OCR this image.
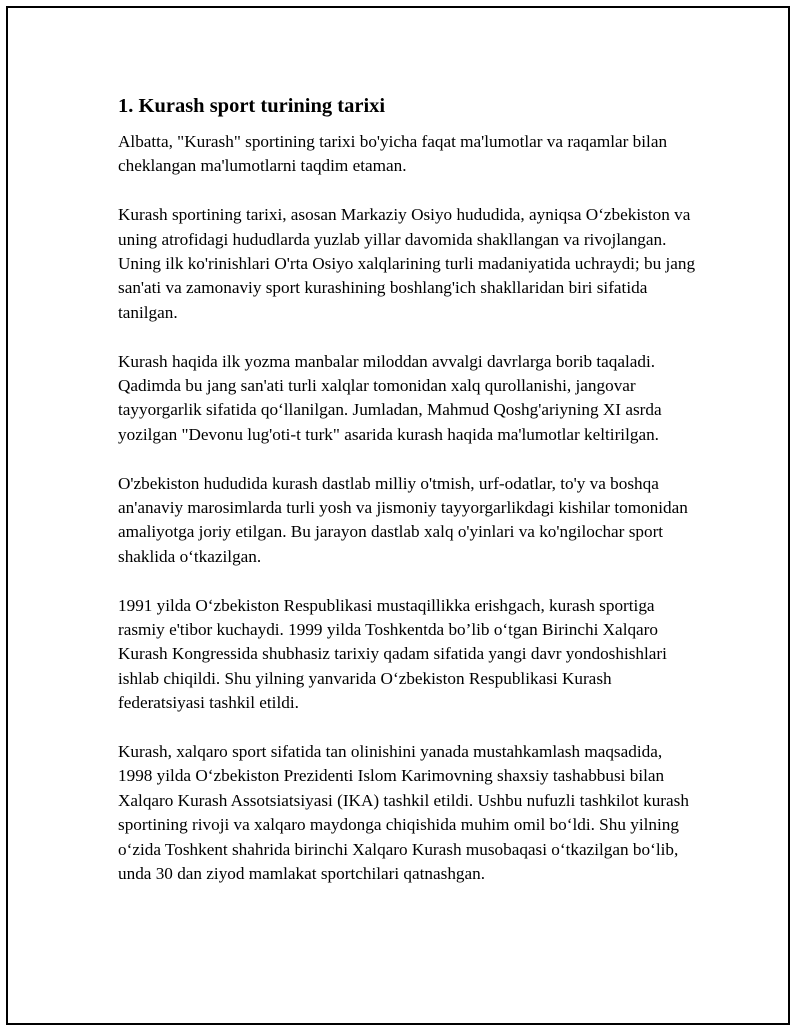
1. Kurash sport turining tarixi

Albatta, "Kurash" sportining tarixi bo'yicha faqat ma'lumotlar va raqamlar bilan cheklangan ma'lumotlarni taqdim etaman.

Kurash sportining tarixi, asosan Markaziy Osiyo hududida, ayniqsa O‘zbekiston va uning atrofidagi hududlarda yuzlab yillar davomida shakllangan va rivojlangan. Uning ilk ko'rinishlari O'rta Osiyo xalqlarining turli madaniyatida uchraydi; bu jang san'ati va zamonaviy sport kurashining boshlang'ich shakllaridan biri sifatida tanilgan.

Kurash haqida ilk yozma manbalar miloddan avvalgi davrlarga borib taqaladi. Qadimda bu jang san'ati turli xalqlar tomonidan xalq qurollanishi, jangovar tayyorgarlik sifatida qo‘llanilgan. Jumladan, Mahmud Qoshg'ariyning XI asrda yozilgan "Devonu lug'oti-t turk" asarida kurash haqida ma'lumotlar keltirilgan.

O'zbekiston hududida kurash dastlab milliy o'tmish, urf-odatlar, to'y va boshqa an'anaviy marosimlarda turli yosh va jismoniy tayyorgarlikdagi kishilar tomonidan amaliyotga joriy etilgan. Bu jarayon dastlab xalq o'yinlari va ko'ngilochar sport shaklida o‘tkazilgan.

1991 yilda O‘zbekiston Respublikasi mustaqillikka erishgach, kurash sportiga rasmiy e'tibor kuchaydi. 1999 yilda Toshkentda bo’lib o‘tgan Birinchi Xalqaro Kurash Kongressida shubhasiz tarixiy qadam sifatida yangi davr yondoshishlari ishlab chiqildi. Shu yilning yanvarida O‘zbekiston Respublikasi Kurash federatsiyasi tashkil etildi.

Kurash, xalqaro sport sifatida tan olinishini yanada mustahkamlash maqsadida, 1998 yilda O‘zbekiston Prezidenti Islom Karimovning shaxsiy tashabbusi bilan Xalqaro Kurash Assotsiatsiyasi (IKA) tashkil etildi. Ushbu nufuzli tashkilot kurash sportining rivoji va xalqaro maydonga chiqishida muhim omil bo‘ldi. Shu yilning o‘zida Toshkent shahrida birinchi Xalqaro Kurash musobaqasi o‘tkazilgan bo‘lib, unda 30 dan ziyod mamlakat sportchilari qatnashgan.
